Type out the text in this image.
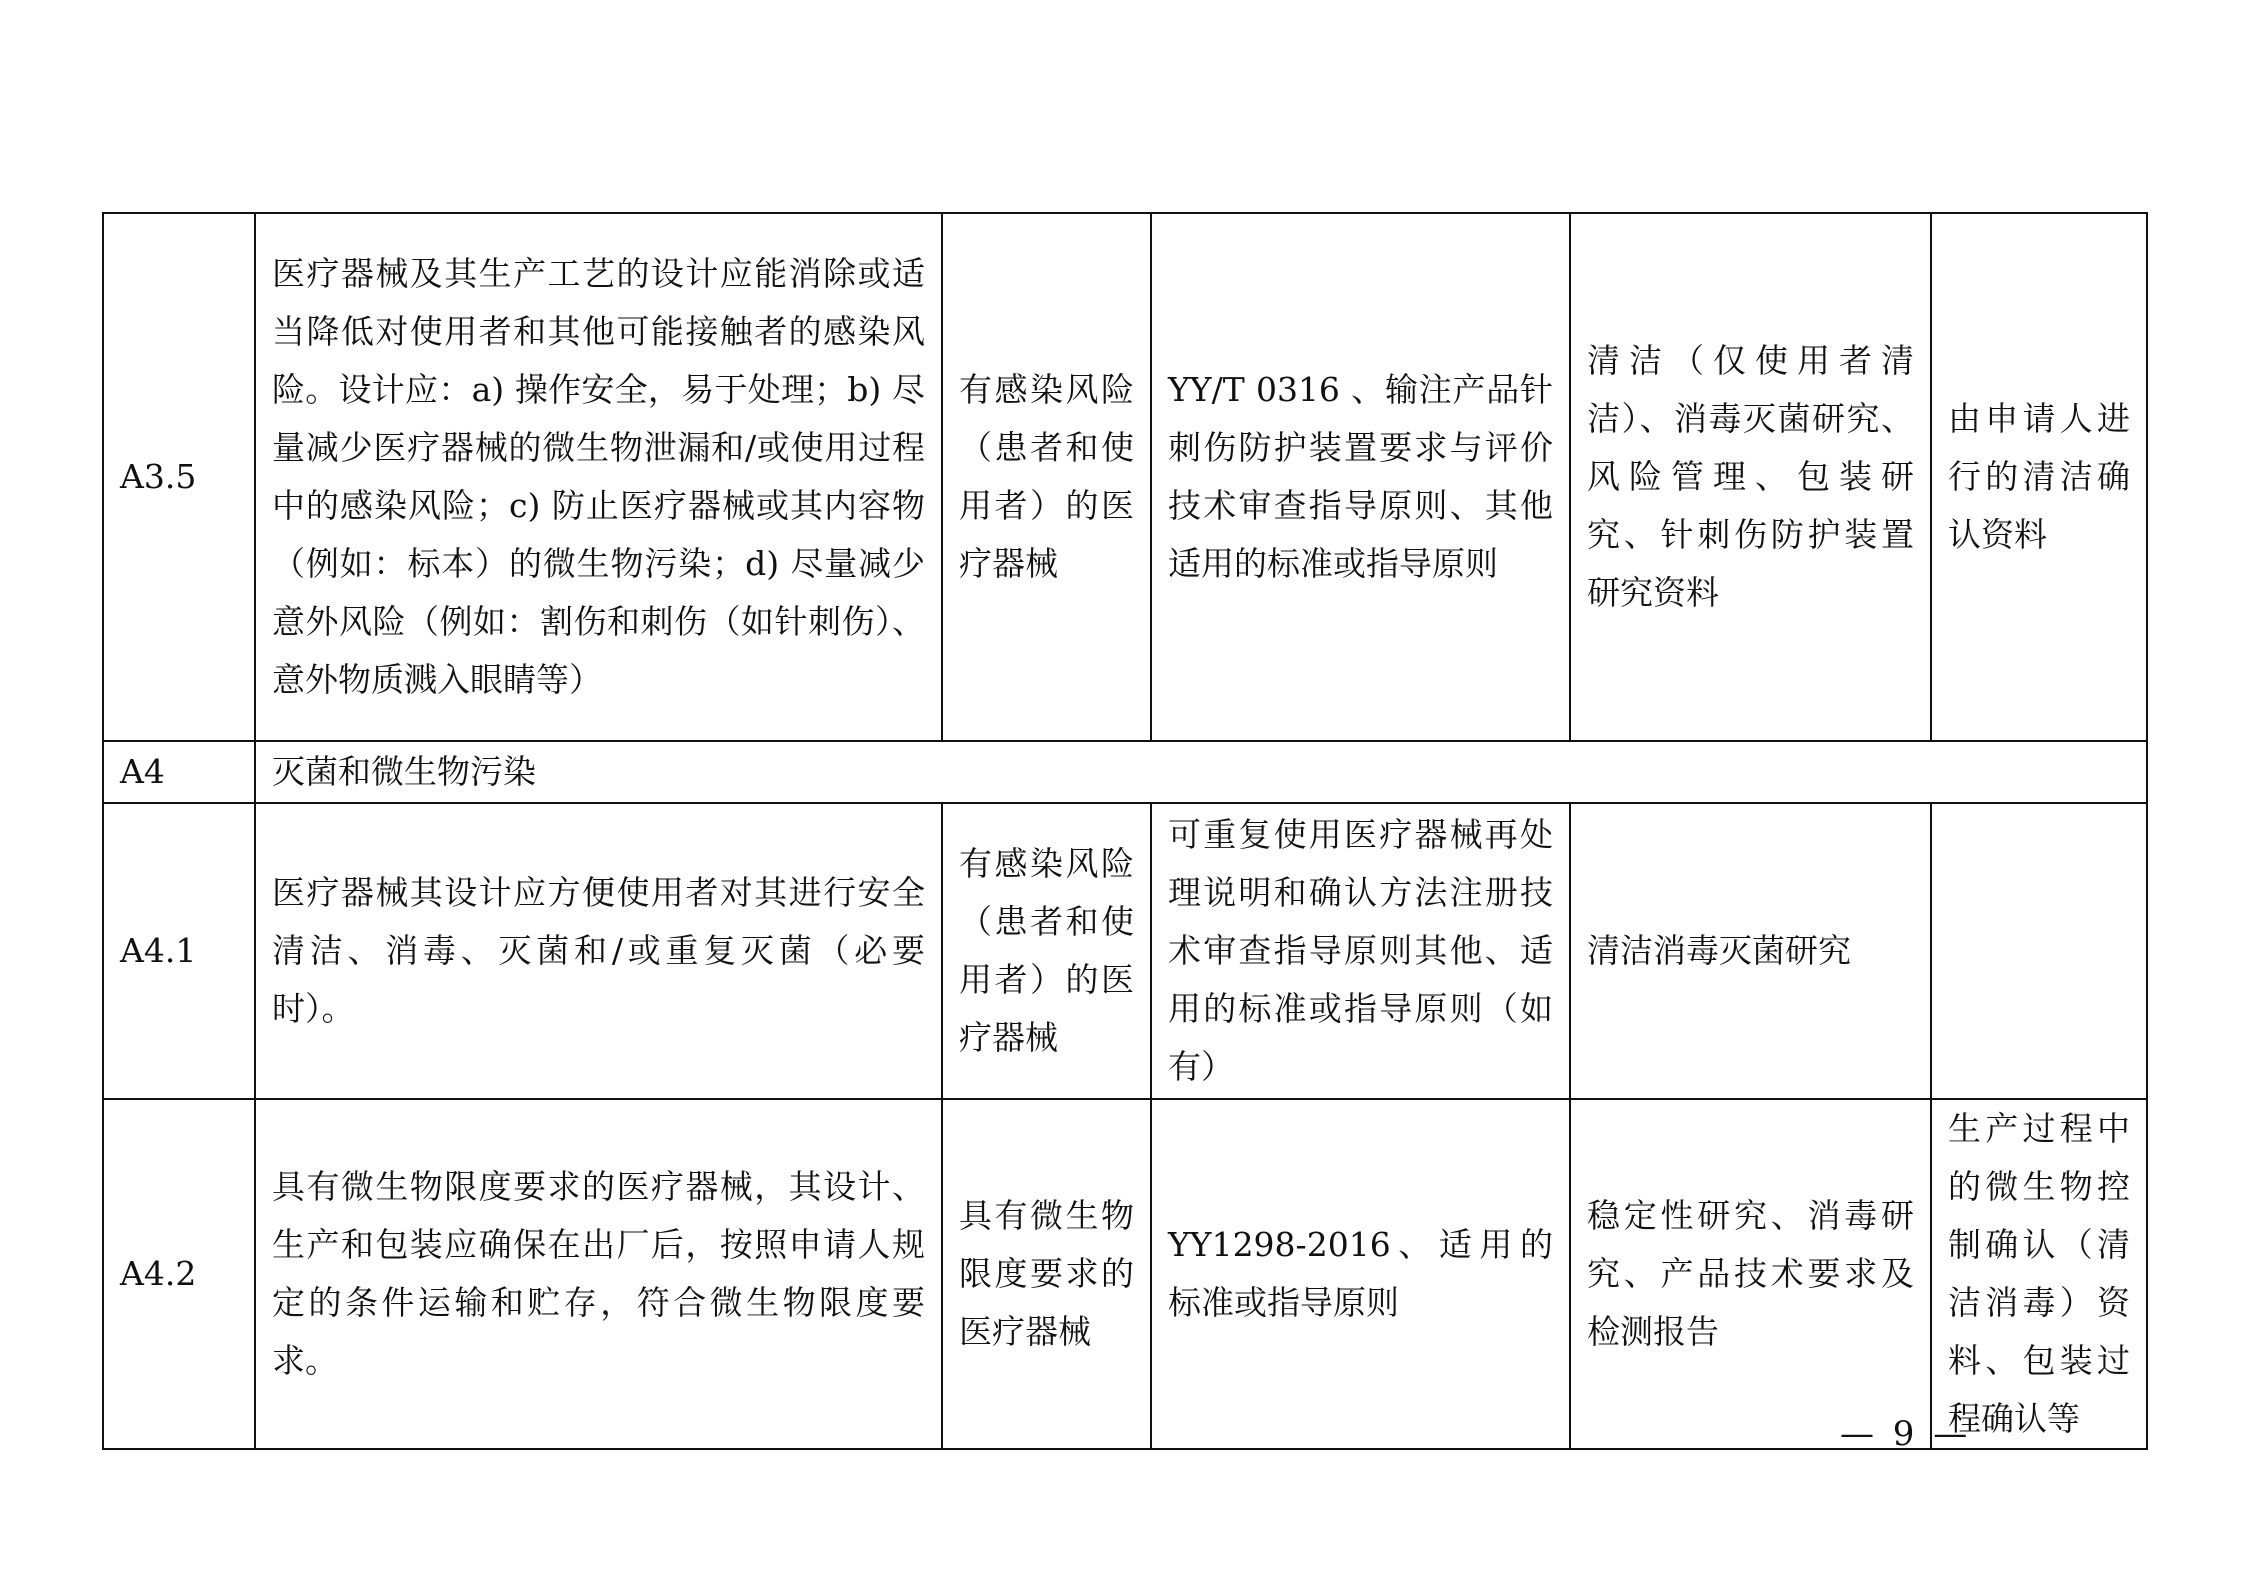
A3.5	医疗器械及其生产工艺的设计应能消除或适当降低对使用者和其他可能接触者的感染风险。设计应：a) 操作安全，易于处理；b) 尽量减少医疗器械的微生物泄漏和/或使用过程中的感染风险；c) 防止医疗器械或其内容物（例如：标本）的微生物污染；d) 尽量减少意外风险（例如：割伤和刺伤（如针刺伤）、意外物质溅入眼睛等）	有感染风险（患者和使用者）的医疗器械	YY/T 0316 、输注产品针刺伤防护装置要求与评价技术审查指导原则、其他适用的标准或指导原则	清洁（仅使用者清洁）、消毒灭菌研究、风险管理、包装研究、针刺伤防护装置研究资料	由申请人进行的清洁确认资料
A4	灭菌和微生物污染				
A4.1	医疗器械其设计应方便使用者对其进行安全清洁、消毒、灭菌和/或重复灭菌（必要时）。	有感染风险（患者和使用者）的医疗器械	可重复使用医疗器械再处理说明和确认方法注册技术审查指导原则其他、适用的标准或指导原则（如有）	清洁消毒灭菌研究	
A4.2	具有微生物限度要求的医疗器械，其设计、生产和包装应确保在出厂后，按照申请人规定的条件运输和贮存，符合微生物限度要求。	具有微生物限度要求的医疗器械	YY1298-2016、适用的标准或指导原则	稳定性研究、消毒研究、产品技术要求及检测报告	生产过程中的微生物控制确认（清洁消毒）资料、包装过程确认等
— 9 —
